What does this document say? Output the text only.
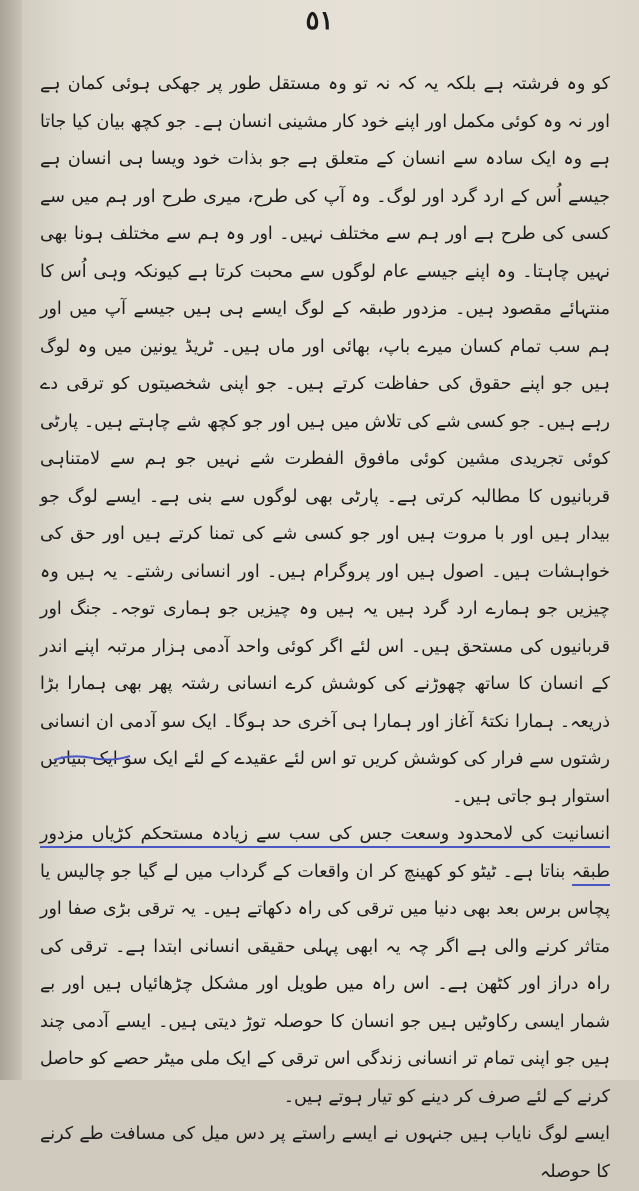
٥١

کو وہ فرشتہ ہے بلکہ یہ کہ نہ تو وہ مستقل طور پر جھکی ہوئی کمان ہے اور نہ وہ کوئی مکمل اور اپنے خود کار مشینی انسان ہے۔ جو کچھ بیان کیا جاتا ہے وہ ایک سادہ سے انسان کے متعلق ہے جو بذات خود ویسا ہی انسان ہے جیسے اُس کے ارد گرد اور لوگ۔ وہ آپ کی طرح، میری طرح اور ہم میں سے کسی کی طرح ہے اور ہم سے مختلف نہیں۔ اور وہ ہم سے مختلف ہونا بھی نہیں چاہتا۔ وہ اپنے جیسے عام لوگوں سے محبت کرتا ہے کیونکہ وہی اُس کا منتہائے مقصود ہیں۔ مزدور طبقہ کے لوگ ایسے ہی ہیں جیسے آپ میں اور ہم سب تمام کسان میرے باپ، بھائی اور ماں ہیں۔ ٹریڈ یونین میں وہ لوگ ہیں جو اپنے حقوق کی حفاظت کرتے ہیں۔ جو اپنی شخصیتوں کو ترقی دے رہے ہیں۔ جو کسی شے کی تلاش میں ہیں اور جو کچھ شے چاہتے ہیں۔ پارٹی کوئی تجریدی مشین کوئی مافوق الفطرت شے نہیں جو ہم سے لامتناہی قربانیوں کا مطالبہ کرتی ہے۔ پارٹی بھی لوگوں سے بنی ہے۔ ایسے لوگ جو بیدار ہیں اور با مروت ہیں اور جو کسی شے کی تمنا کرتے ہیں اور حق کی خواہشات ہیں۔ اصول ہیں اور پروگرام ہیں۔ اور انسانی رشتے۔ یہ ہیں وہ چیزیں جو ہمارے ارد گرد ہیں یہ ہیں وہ چیزیں جو ہماری توجہ۔ جنگ اور قربانیوں کی مستحق ہیں۔ اس لئے اگر کوئی واحد آدمی ہزار مرتبہ اپنے اندر کے انسان کا ساتھ چھوڑنے کی کوشش کرے انسانی رشتہ پھر بھی ہمارا بڑا ذریعہ۔ ہمارا نکتۂ آغاز اور ہمارا ہی آخری حد ہوگا۔ ایک سو آدمی ان انسانی رشتوں سے فرار کی کوشش کریں تو اس لئے عقیدے کے لئے ایک سو ایک بنیادیں استوار ہو جاتی ہیں۔

انسانیت کی لامحدود وسعت جس کی سب سے زیادہ مستحکم کڑیاں مزدور طبقہ بناتا ہے۔ ٹیٹو کو کھینچ کر ان واقعات کے گرداب میں لے گیا جو چالیس یا پچاس برس بعد بھی دنیا میں ترقی کی راہ دکھاتے ہیں۔ یہ ترقی بڑی صفا اور متاثر کرنے والی ہے اگر چہ یہ ابھی پہلی حقیقی انسانی ابتدا ہے۔ ترقی کی راہ دراز اور کٹھن ہے۔ اس راہ میں طویل اور مشکل چڑھائیاں ہیں اور بے شمار ایسی رکاوٹیں ہیں جو انسان کا حوصلہ توڑ دیتی ہیں۔ ایسے آدمی چند ہیں جو اپنی تمام تر انسانی زندگی اس ترقی کے ایک ملی میٹر حصے کو حاصل کرنے کے لئے صرف کر دینے کو تیار ہوتے ہیں۔

ایسے لوگ نایاب ہیں جنہوں نے ایسے راستے پر دس میل کی مسافت طے کرنے کا حوصلہ
